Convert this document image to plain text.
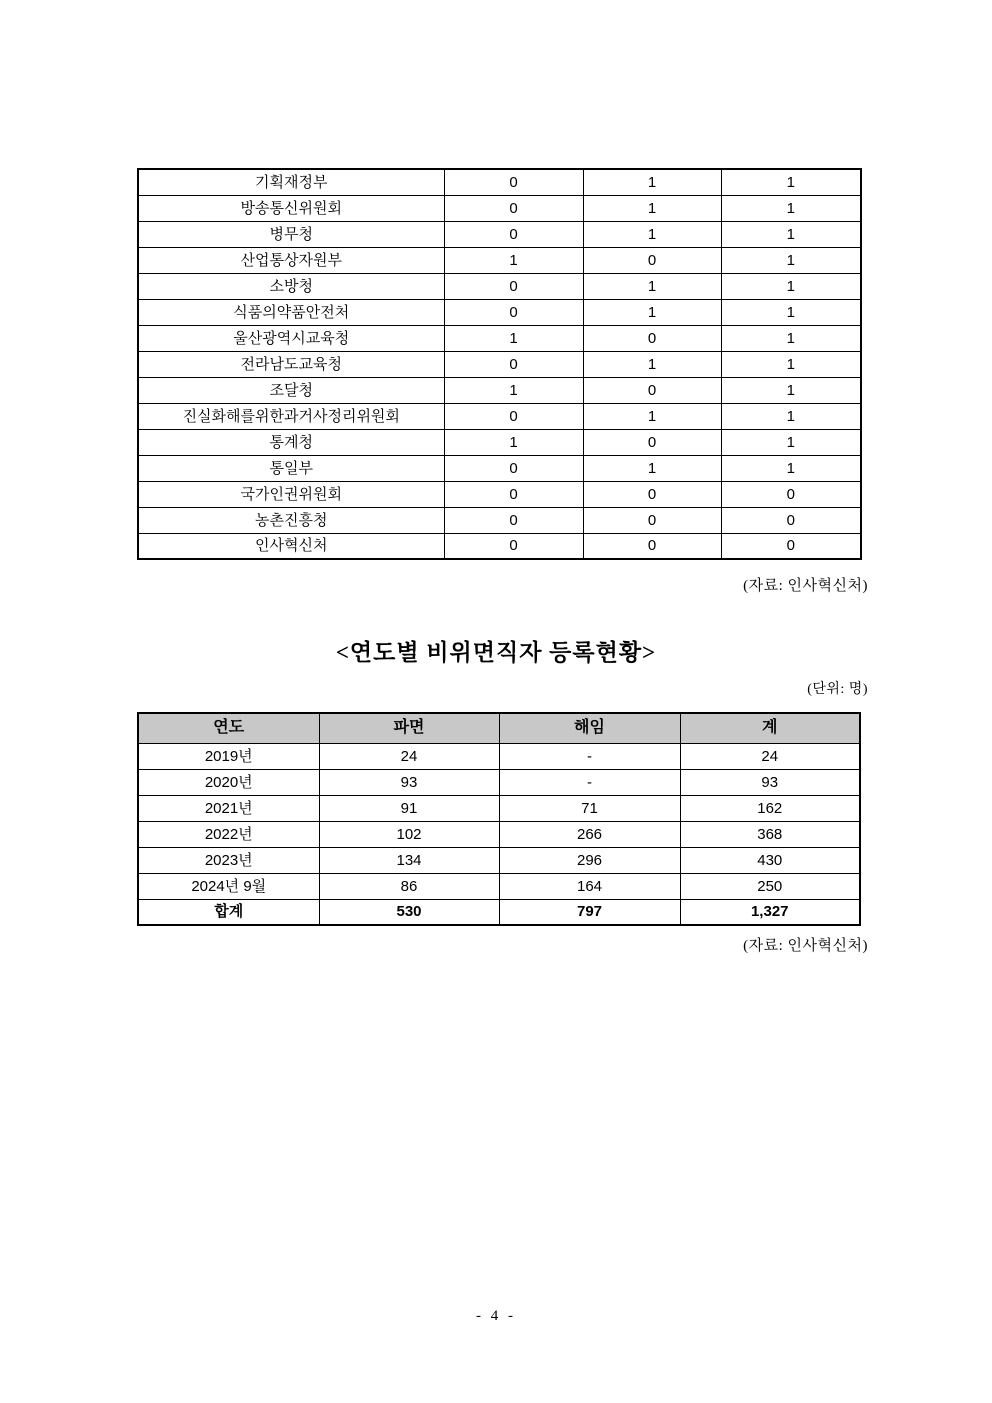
기획재정부	0	1	1
방송통신위원회	0	1	1
병무청	0	1	1
산업통상자원부	1	0	1
소방청	0	1	1
식품의약품안전처	0	1	1
울산광역시교육청	1	0	1
전라남도교육청	0	1	1
조달청	1	0	1
진실화해를위한과거사정리위원회	0	1	1
통계청	1	0	1
통일부	0	1	1
국가인권위원회	0	0	0
농촌진흥청	0	0	0
인사혁신처	0	0	0
(자료: 인사혁신처)
<연도별 비위면직자 등록현황>
(단위: 명)
연도	파면	해임	계
2019년	24	-	24
2020년	93	-	93
2021년	91	71	162
2022년	102	266	368
2023년	134	296	430
2024년 9월	86	164	250
합계	530	797	1,327
(자료: 인사혁신처)
- 4 -
